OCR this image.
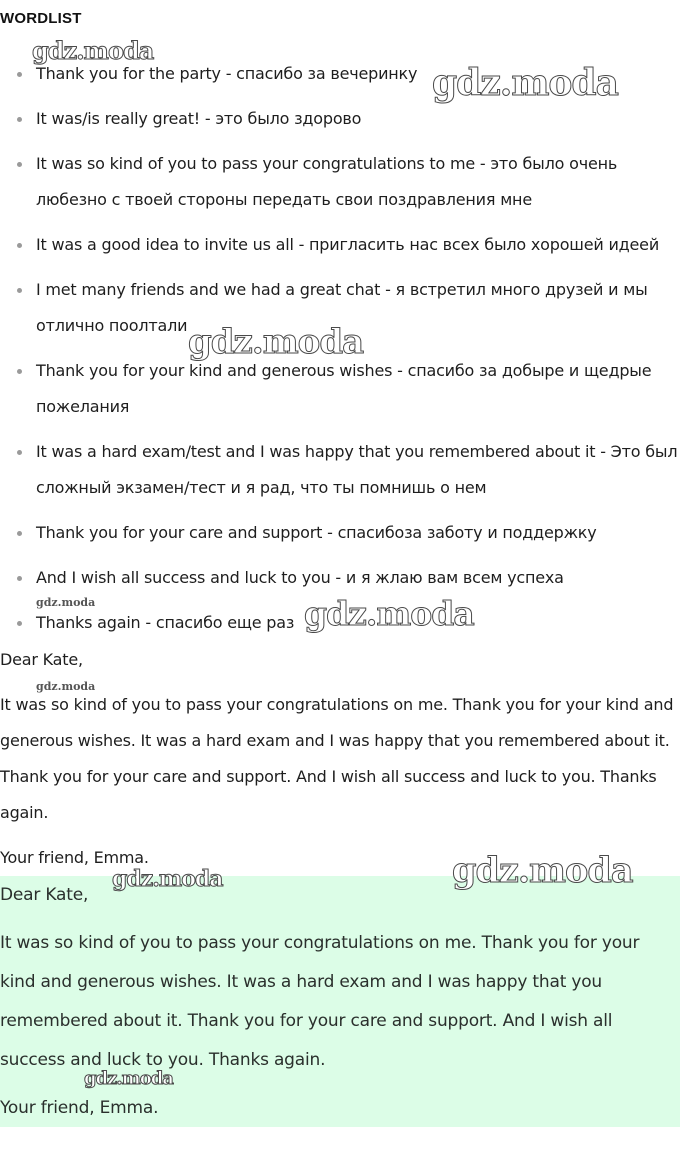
WORDLIST
Thank you for the party - спасибо за вечеринку
It was/is really great! - это было здорово
It was so kind of you to pass your congratulations to me - это было очень любезно с твоей стороны передать свои поздравления мне
It was a good idea to invite us all - пригласить нас всех было хорошей идеей
I met many friends and we had a great chat - я встретил много друзей и мы отлично поолтали
Thank you for your kind and generous wishes - спасибо за добыре и щедрые пожелания
It was a hard exam/test and I was happy that you remembered about it - Это был сложный экзамен/тест и я рад, что ты помнишь о нем
Thank you for your care and support - спасибоза заботу и поддержку
And I wish all success and luck to you - и я жлаю вам всем успеха
Thanks again - спасибо еще раз

Dear Kate,

It was so kind of you to pass your congratulations on me. Thank you for your kind and generous wishes. It was a hard exam and I was happy that you remembered about it. Thank you for your care and support. And I wish all success and luck to you. Thanks again.

Your friend, Emma.

Dear Kate,

It was so kind of you to pass your congratulations on me. Thank you for your kind and generous wishes. It was a hard exam and I was happy that you remembered about it. Thank you for your care and support. And I wish all success and luck to you. Thanks again.

Your friend, Emma.

gdz.moda
gdz.moda
gdz.moda
gdz.moda	gdz.moda
gdz.moda
gdz.moda
gdz.moda
gdz.moda
